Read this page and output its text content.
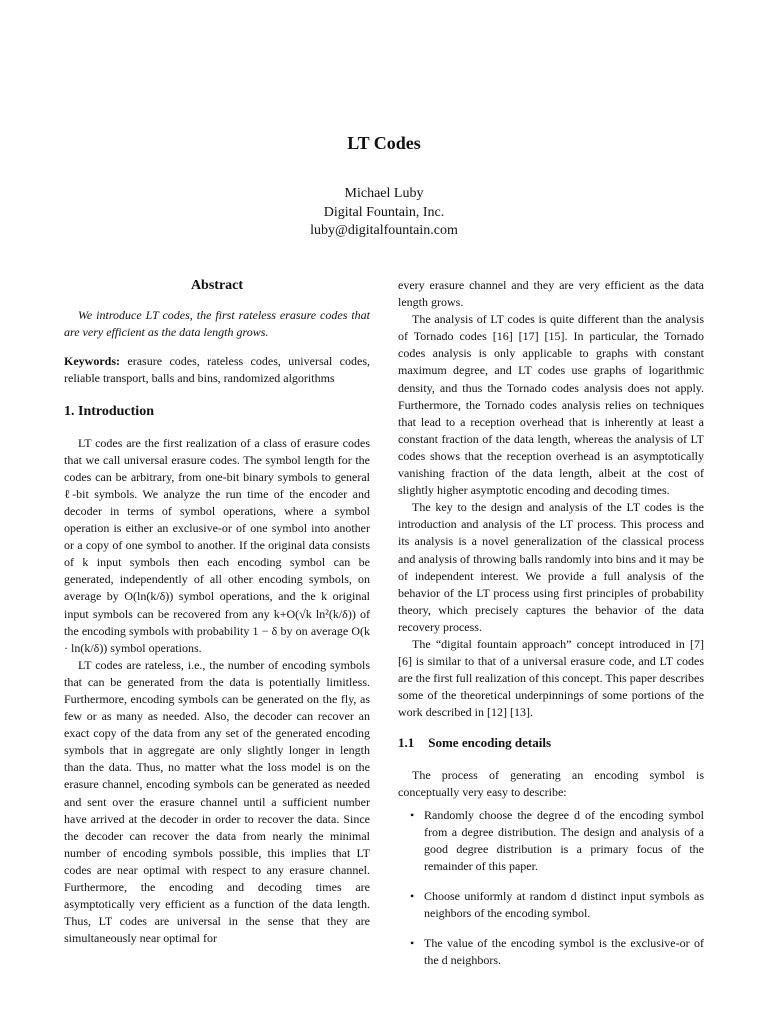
LT Codes
Michael Luby
Digital Fountain, Inc.
luby@digitalfountain.com
Abstract

We introduce LT codes, the first rateless erasure codes that are very efficient as the data length grows.

Keywords: erasure codes, rateless codes, universal codes, reliable transport, balls and bins, randomized algorithms

1. Introduction

LT codes are the first realization of a class of erasure codes that we call universal erasure codes. The symbol length for the codes can be arbitrary, from one-bit binary symbols to general ℓ-bit symbols. We analyze the run time of the encoder and decoder in terms of symbol operations, where a symbol operation is either an exclusive-or of one symbol into another or a copy of one symbol to another. If the original data consists of k input symbols then each encoding symbol can be generated, independently of all other encoding symbols, on average by O(ln(k/δ)) symbol operations, and the k original input symbols can be recovered from any k+O(√k ln²(k/δ)) of the encoding symbols with probability 1 − δ by on average O(k · ln(k/δ)) symbol operations.

LT codes are rateless, i.e., the number of encoding symbols that can be generated from the data is potentially limitless. Furthermore, encoding symbols can be generated on the fly, as few or as many as needed. Also, the decoder can recover an exact copy of the data from any set of the generated encoding symbols that in aggregate are only slightly longer in length than the data. Thus, no matter what the loss model is on the erasure channel, encoding symbols can be generated as needed and sent over the erasure channel until a sufficient number have arrived at the decoder in order to recover the data. Since the decoder can recover the data from nearly the minimal number of encoding symbols possible, this implies that LT codes are near optimal with respect to any erasure channel. Furthermore, the encoding and decoding times are asymptotically very efficient as a function of the data length. Thus, LT codes are universal in the sense that they are simultaneously near optimal for

every erasure channel and they are very efficient as the data length grows.

The analysis of LT codes is quite different than the analysis of Tornado codes [16] [17] [15]. In particular, the Tornado codes analysis is only applicable to graphs with constant maximum degree, and LT codes use graphs of logarithmic density, and thus the Tornado codes analysis does not apply. Furthermore, the Tornado codes analysis relies on techniques that lead to a reception overhead that is inherently at least a constant fraction of the data length, whereas the analysis of LT codes shows that the reception overhead is an asymptotically vanishing fraction of the data length, albeit at the cost of slightly higher asymptotic encoding and decoding times.

The key to the design and analysis of the LT codes is the introduction and analysis of the LT process. This process and its analysis is a novel generalization of the classical process and analysis of throwing balls randomly into bins and it may be of independent interest. We provide a full analysis of the behavior of the LT process using first principles of probability theory, which precisely captures the behavior of the data recovery process.

The “digital fountain approach” concept introduced in [7] [6] is similar to that of a universal erasure code, and LT codes are the first full realization of this concept. This paper describes some of the theoretical underpinnings of some portions of the work described in [12] [13].

1.1 Some encoding details

The process of generating an encoding symbol is conceptually very easy to describe:

• Randomly choose the degree d of the encoding symbol from a degree distribution. The design and analysis of a good degree distribution is a primary focus of the remainder of this paper.
• Choose uniformly at random d distinct input symbols as neighbors of the encoding symbol.
• The value of the encoding symbol is the exclusive-or of the d neighbors.
